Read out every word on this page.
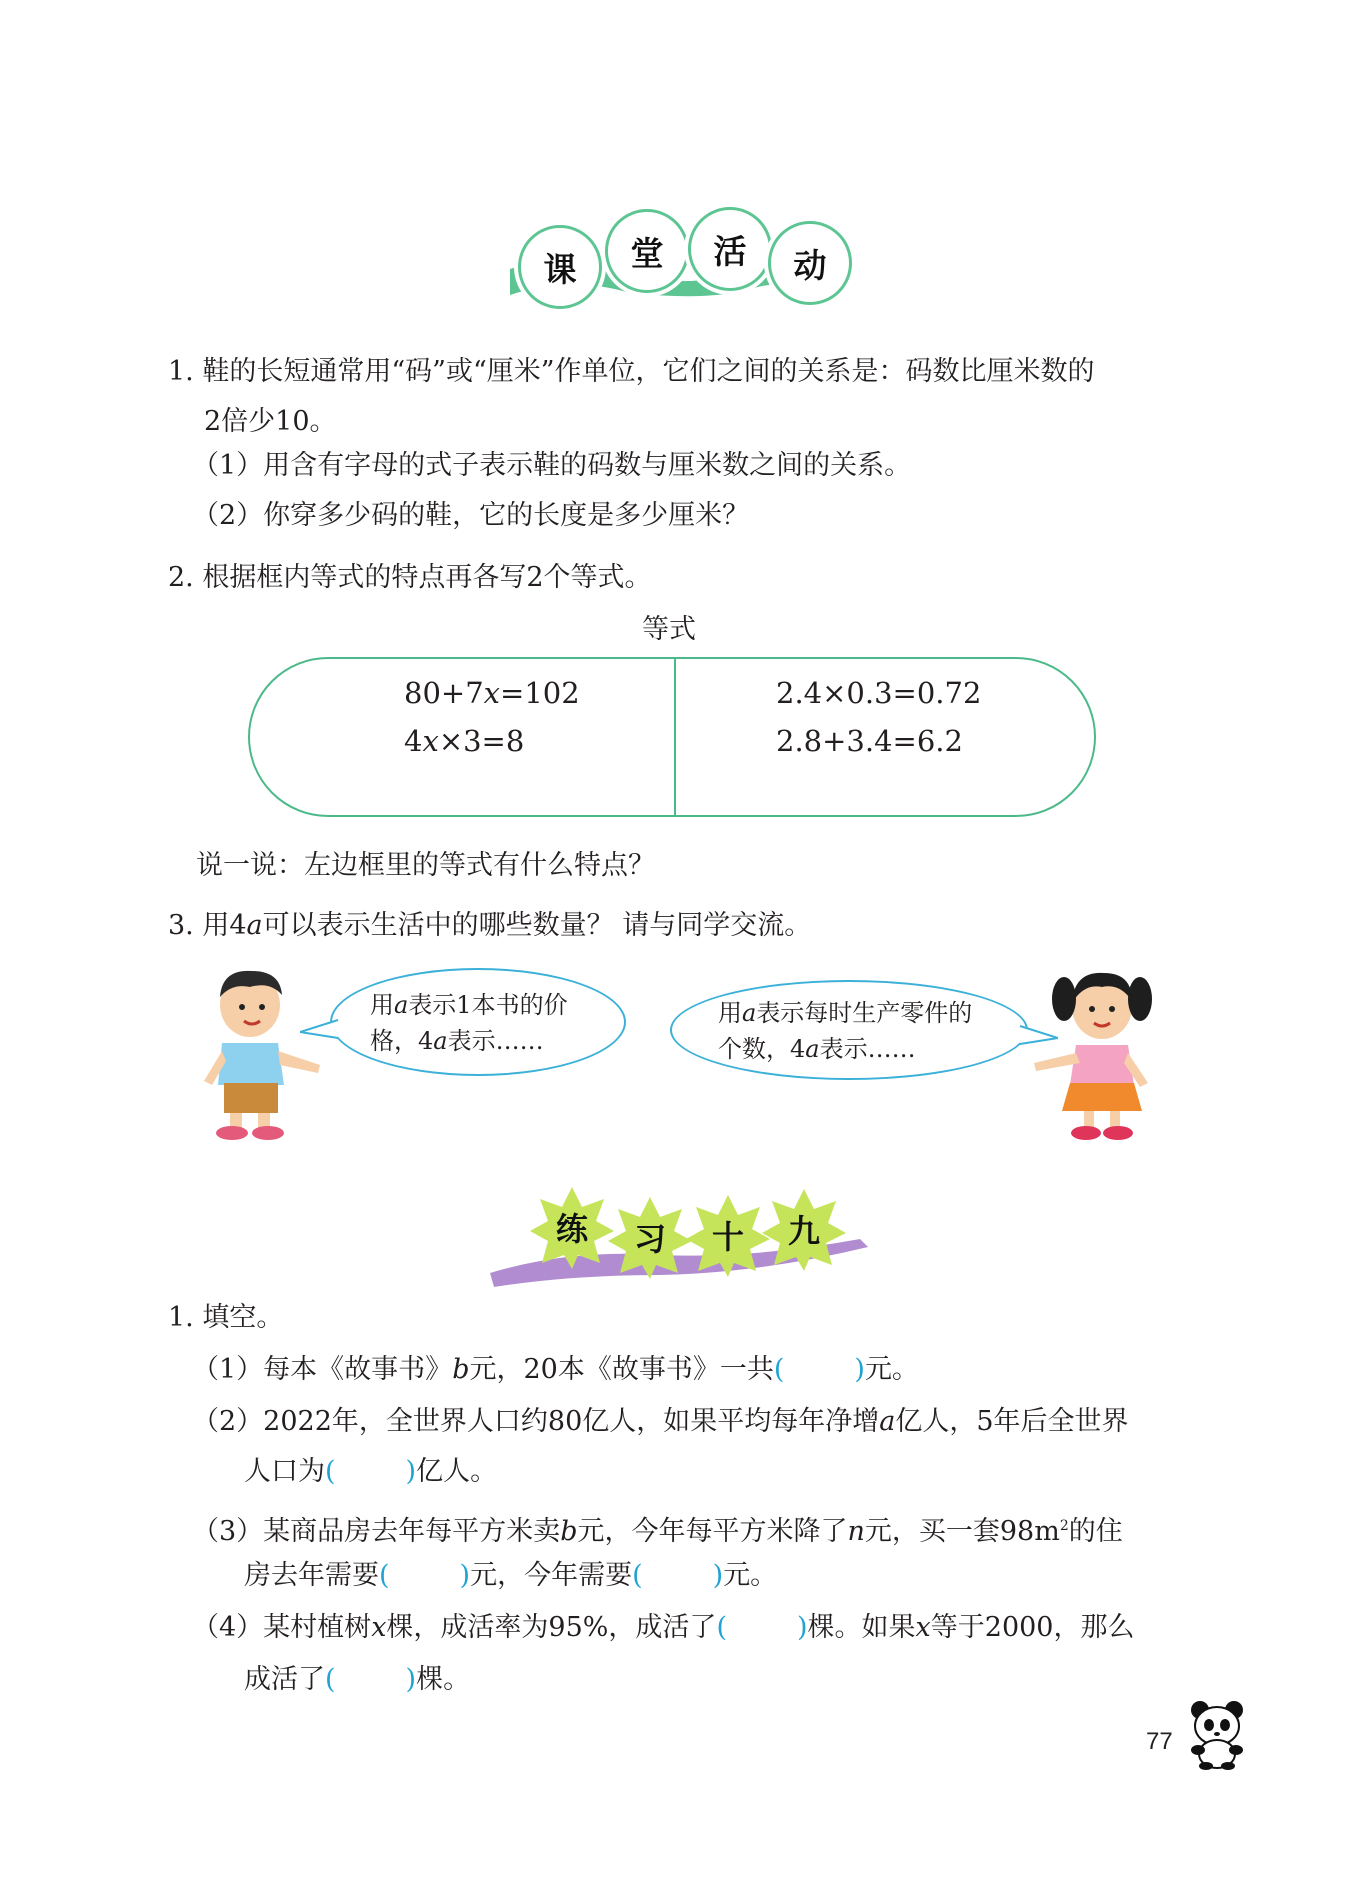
课	堂	活	动
1. 鞋的长短通常用“码”或“厘米”作单位，它们之间的关系是：码数比厘米数的
2倍少10。
（1）用含有字母的式子表示鞋的码数与厘米数之间的关系。
（2）你穿多少码的鞋，它的长度是多少厘米？
2. 根据框内等式的特点再各写2个等式。
等式
80+7x=102
4x×3=8
2.4×0.3=0.72
2.8+3.4=6.2
说一说：左边框里的等式有什么特点？
3. 用4a可以表示生活中的哪些数量？ 请与同学交流。
用a表示1本书的价
格，4a表示……
用a表示每时生产零件的
个数，4a表示……
练 习 十 九
1. 填空。
（1）每本《故事书》b元，20本《故事书》一共(	)元。
（2）2022年，全世界人口约80亿人，如果平均每年净增a亿人，5年后全世界
人口为(	)亿人。
（3）某商品房去年每平方米卖b元，今年每平方米降了n元，买一套$98m^2$的住
房去年需要(	)元，今年需要(	)元。
（4）某村植树x棵，成活率为95%，成活了(	)棵。如果x等于2000，那么
成活了(	)棵。
77
